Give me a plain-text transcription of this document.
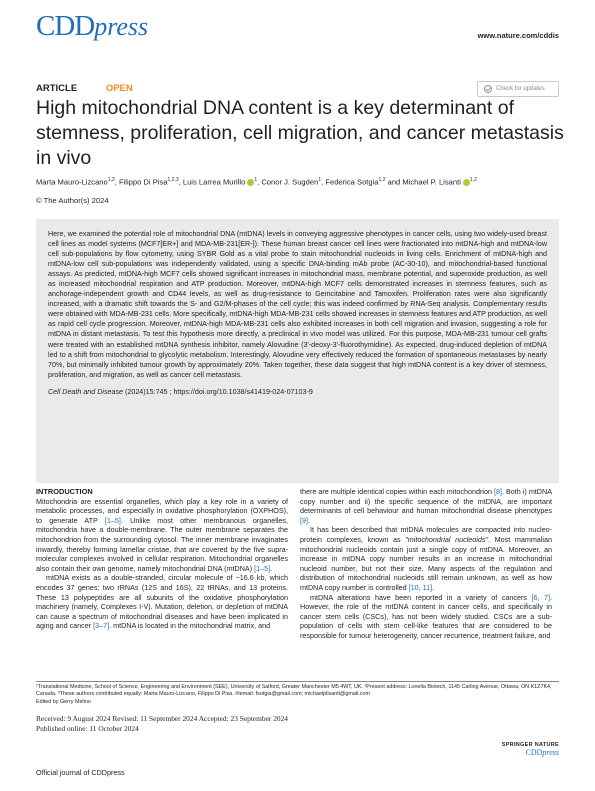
CDDpress	www.nature.com/cddis
ARTICLE	OPEN	Check for updates
High mitochondrial DNA content is a key determinant of stemness, proliferation, cell migration, and cancer metastasis in vivo
Marta Mauro-Lizcano$^{1,3}$, Filippo Di Pisa$^{1,2,3}$, Luis Larrea Murillo $^1$, Conor J. Sugden$^1$, Federica Sotgia$^{1,2}$ and Michael P. Lisanti $^{1,2}$
© The Author(s) 2024

Here, we examined the potential role of mitochondrial DNA (mtDNA) levels in conveying aggressive phenotypes in cancer cells, using two widely-used breast cell lines as model systems (MCF7[ER+] and MDA-MB-231[ER-]). These human breast cancer cell lines were fractionated into mtDNA-high and mtDNA-low cell sub-populations by flow cytometry, using SYBR Gold as a vital probe to stain mitochondrial nucleoids in living cells. Enrichment of mtDNA-high and mtDNA-low cell sub-populations was independently validated, using a specific DNA-binding mAb probe (AC-30-10), and mitochondrial-based functional assays. As predicted, mtDNA-high MCF7 cells showed significant increases in mitochondrial mass, membrane potential, and superoxide production, as well as increased mitochondrial respiration and ATP production. Moreover, mtDNA-high MCF7 cells demonstrated increases in stemness features, such as anchorage-independent growth and CD44 levels, as well as drug-resistance to Gemcitabine and Tamoxifen. Proliferation rates were also significantly increased, with a dramatic shift towards the S- and G2/M-phases of the cell cycle; this was indeed confirmed by RNA-Seq analysis. Complementary results were obtained with MDA-MB-231 cells. More specifically, mtDNA-high MDA-MB-231 cells showed increases in stemness features and ATP production, as well as rapid cell cycle progression. Moreover, mtDNA-high MDA-MB-231 cells also exhibited increases in both cell migration and invasion, suggesting a role for mtDNA in distant metastasis. To test this hypothesis more directly, a preclinical in vivo model was utilized. For this purpose, MDA-MB-231 tumour cell grafts were treated with an established mtDNA synthesis inhibitor, namely Alovudine (3'-deoxy-3'-fluorothymidine). As expected, drug-induced depletion of mtDNA led to a shift from mitochondrial to glycolytic metabolism. Interestingly, Alovudine very effectively reduced the formation of spontaneous metastases by nearly 70%, but minimally inhibited tumour growth by approximately 20%. Taken together, these data suggest that high mtDNA content is a key driver of stemness, proliferation, and migration, as well as cancer cell metastasis.

Cell Death and Disease (2024)15:745 ; https://doi.org/10.1038/s41419-024-07103-9

INTRODUCTION

Mitochondria are essential organelles, which play a key role in a variety of metabolic processes, and especially in oxidative phosphorylation (OXPHOS), to generate ATP [1–5]. Unlike most other membranous organelles, mitochondria have a double-membrane. The outer membrane separates the mitochondrion from the surrounding cytosol. The inner membrane invaginates inwardly, thereby forming lamellar cristae, that are covered by the five supra-molecular complexes involved in cellular respiration. Mitochondrial organelles also contain their own genome, namely mitochondrial DNA (mtDNA) [1–5].

mtDNA exists as a double-stranded, circular molecule of ~16.6 kb, which encodes 37 genes: two rRNAs (12S and 16S), 22 tRNAs, and 13 proteins. These 13 polypeptides are all subunits of the oxidative phosphorylation machinery (namely, Complexes I-V). Mutation, deletion, or depletion of mtDNA can cause a spectrum of mitochondrial diseases and have been implicated in aging and cancer [3–7]. mtDNA is located in the mitochondrial matrix, and

there are multiple identical copies within each mitochondrion [8]. Both i) mtDNA copy number and ii) the specific sequence of the mtDNA, are important determinants of cell behaviour and human mitochondrial disease phenotypes [9].

It has been described that mtDNA molecules are compacted into nucleo-protein complexes, known as "mitochondrial nucleoids". Most mammalian mitochondrial nucleoids contain just a single copy of mtDNA. Moreover, an increase in mtDNA copy number results in an increase in mitochondrial nucleoid number, but not their size. Many aspects of the regulation and distribution of mitochondrial nucleoids still remain unknown, as well as how mtDNA copy number is controlled [10, 11].

mtDNA alterations have been reported in a variety of cancers [6, 7]. However, the role of the mtDNA content in cancer cells, and specifically in cancer stem cells (CSCs), has not been widely studied. CSCs are a sub-population of cells with stem cell-like features that are considered to be responsible for tumour heterogeneity, cancer recurrence, treatment failure, and

¹Translational Medicine, School of Science, Engineering and Environment (SEE), University of Salford, Greater Manchester M5 4WT, UK. ²Present address: Lunella Biotech, 1145 Carling Avenue, Ottawa, ON K1Z7K4, Canada. ³These authors contributed equally: Marta Mauro-Lizcano, Filippo Di Pisa. ✉email: fsotgia@gmail.com; michaelplisanti@gmail.com
Edited by Gerry Melino
Received: 9 August 2024 Revised: 11 September 2024 Accepted: 23 September 2024
Published online: 11 October 2024
SPRINGER NATURE
CDDpress
Official journal of CDDpress
